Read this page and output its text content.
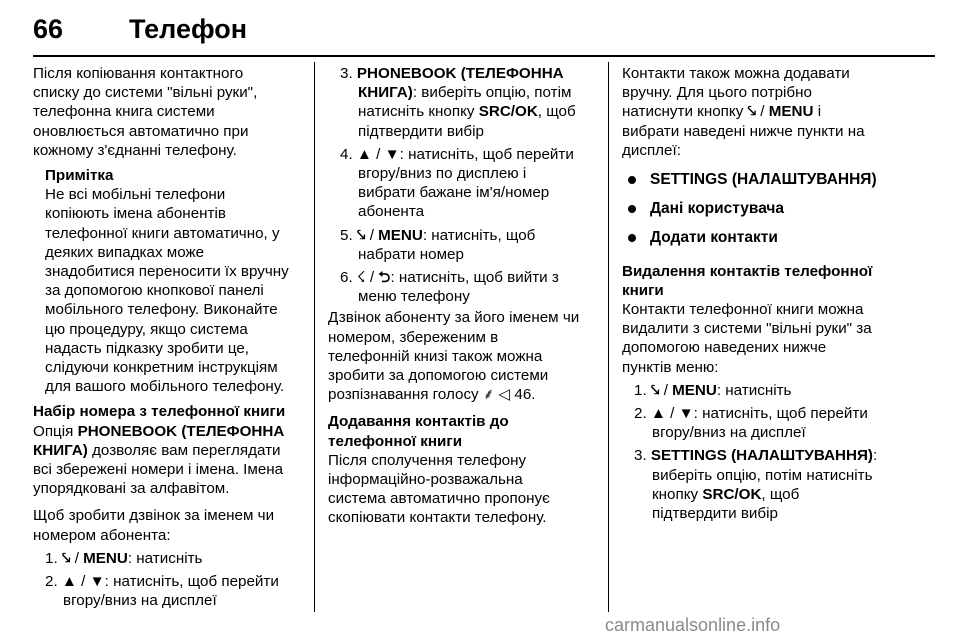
66 Телефон
Після копіювання контактного
списку до системи "вільні руки",
телефонна книга системи
оновлюється автоматично при
кожному з'єднанні телефону.
Примітка
Не всі мобільні телефони
копіюють імена абонентів
телефонної книги автоматично, у
деяких випадках може
знадобитися переносити їх вручну
за допомогою кнопкової панелі
мобільного телефону. Виконайте
цю процедуру, якщо система
надасть підказку зробити це,
слідуючи конкретним інструкціям
для вашого мобільного телефону.
Набір номера з телефонної книги
Опція PHONEBOOK (ТЕЛЕФОННА
КНИГА) дозволяє вам переглядати
всі збережені номери і імена. Імена
упорядковані за алфавітом.
Щоб зробити дзвінок за іменем чи
номером абонента:
1. ⤥ / MENU: натисніть
2. ▲ / ▼: натисніть, щоб перейти
вгору/вниз на дисплеї
3. PHONEBOOK (ТЕЛЕФОННА
КНИГА): виберіть опцію, потім
натисніть кнопку SRC/OK, щоб
підтвердити вибір
4. ▲ / ▼: натисніть, щоб перейти
вгору/вниз по дисплею і
вибрати бажане ім'я/номер
абонента
5. ⤥ / MENU: натисніть, щоб
набрати номер
6. ☇ / ⮌: натисніть, щоб вийти з
меню телефону
Дзвінок абоненту за його іменем чи
номером, збереженим в
телефонній книзі також можна
зробити за допомогою системи
розпізнавання голосу ⸙ ◁ 46.
Додавання контактів до
телефонної книги
Після сполучення телефону
інформаційно-розважальна
система автоматично пропонує
скопіювати контакти телефону.
Контакти також можна додавати
вручну. Для цього потрібно
натиснути кнопку ⤥ / MENU і
вибрати наведені нижче пункти на
дисплеї:
SETTINGS (НАЛАШТУВАННЯ)
Дані користувача
Додати контакти
Видалення контактів телефонної
книги
Контакти телефонної книги можна
видалити з системи "вільні руки" за
допомогою наведених нижче
пунктів меню:
1. ⤥ / MENU: натисніть
2. ▲ / ▼: натисніть, щоб перейти
вгору/вниз на дисплеї
3. SETTINGS (НАЛАШТУВАННЯ):
виберіть опцію, потім натисніть
кнопку SRC/OK, щоб
підтвердити вибір
carmanualsonline.info
